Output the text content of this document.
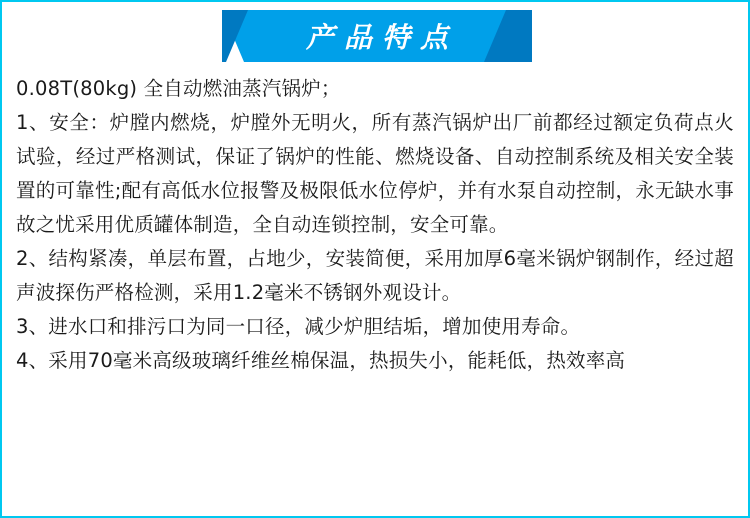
产品特点

0.08T(80kg) 全自动燃油蒸汽锅炉；

1、安全：炉膛内燃烧，炉膛外无明火，所有蒸汽锅炉出厂前都经过额定负荷点火试验，经过严格测试，保证了锅炉的性能、燃烧设备、自动控制系统及相关安全装置的可靠性;配有高低水位报警及极限低水位停炉，并有水泵自动控制，永无缺水事故之忧采用优质罐体制造，全自动连锁控制，安全可靠。

2、结构紧凑，单层布置，占地少，安装简便，采用加厚6毫米锅炉钢制作，经过超声波探伤严格检测，采用1.2毫米不锈钢外观设计。

3、进水口和排污口为同一口径，减少炉胆结垢，增加使用寿命。

4、采用70毫米高级玻璃纤维丝棉保温，热损失小，能耗低，热效率高
